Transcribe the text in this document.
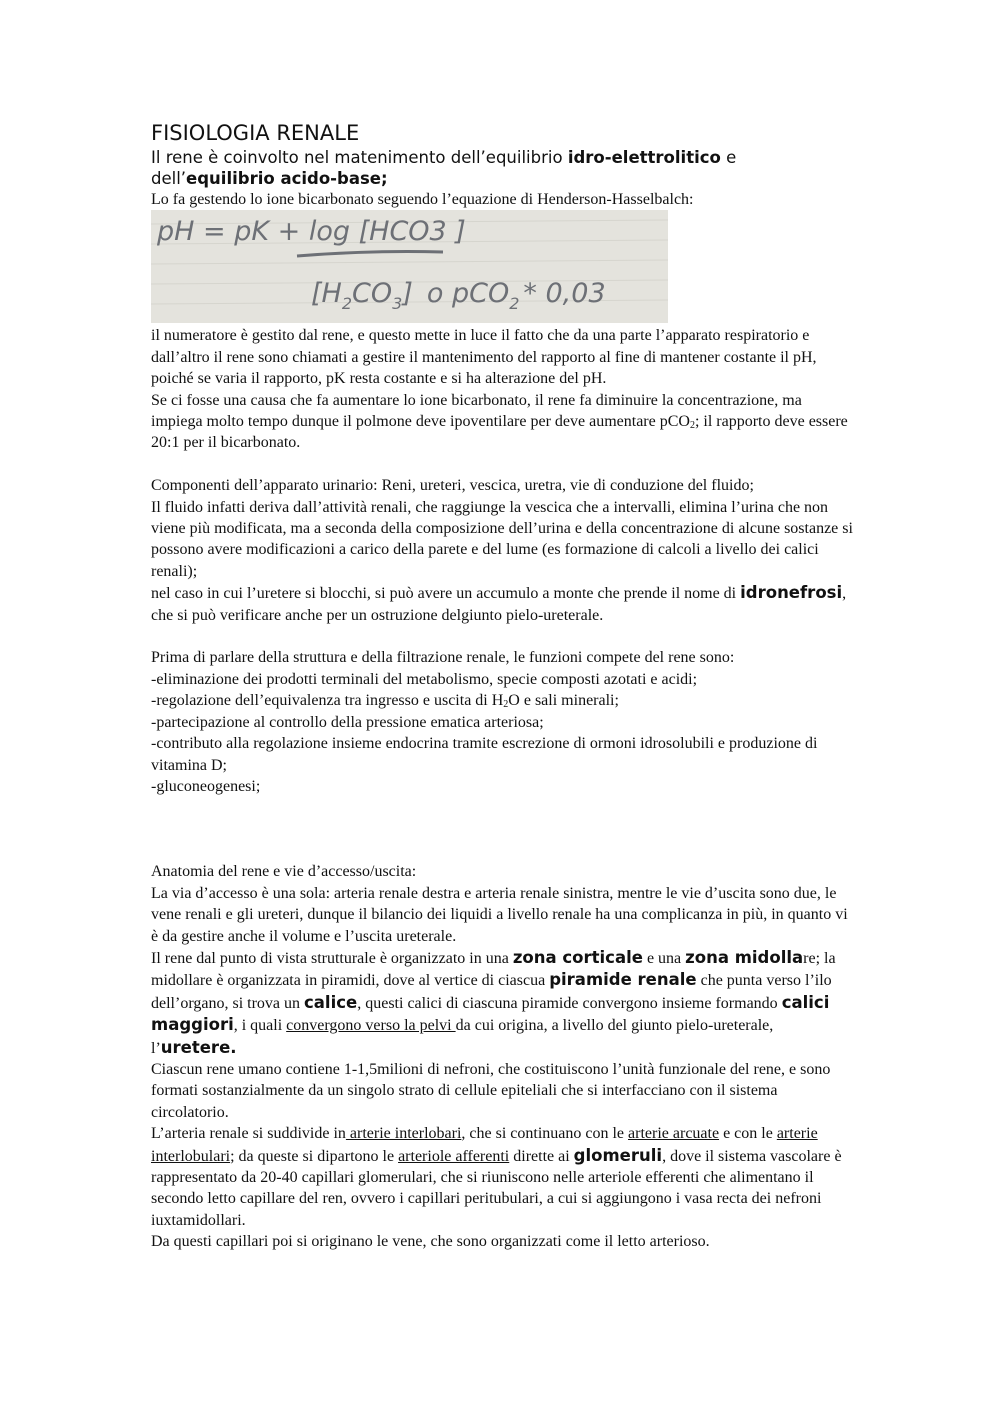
FISIOLOGIA RENALE

Il rene è coinvolto nel matenimento dell’equilibrio idro-elettrolitico e dell’equilibrio acido-base;

Lo fa gestendo lo ione bicarbonato seguendo l’equazione di Henderson-Hasselbalch:

pH = pK + log [HCO3 ]
$[H_2CO_3]$ o pCO$_2$ * 0,03

il numeratore è gestito dal rene, e questo mette in luce il fatto che da una parte l’apparato respiratorio e dall’altro il rene sono chiamati a gestire il mantenimento del rapporto al fine di mantener costante il pH, poiché se varia il rapporto, pK resta costante e si ha alterazione del pH.

Se ci fosse una causa che fa aumentare lo ione bicarbonato, il rene fa diminuire la concentrazione, ma impiega molto tempo dunque il polmone deve ipoventilare per deve aumentare pCO$_2$; il rapporto deve essere 20:1 per il bicarbonato.

Componenti dell’apparato urinario: Reni, ureteri, vescica, uretra, vie di conduzione del fluido;

Il fluido infatti deriva dall’attività renali, che raggiunge la vescica che a intervalli, elimina l’urina che non viene più modificata, ma a seconda della composizione dell’urina e della concentrazione di alcune sostanze si possono avere modificazioni a carico della parete e del lume (es formazione di calcoli a livello dei calici renali);

nel caso in cui l’uretere si blocchi, si può avere un accumulo a monte che prende il nome di idronefrosi, che si può verificare anche per un ostruzione delgiunto pielo-ureterale.

Prima di parlare della struttura e della filtrazione renale, le funzioni compete del rene sono:

-eliminazione dei prodotti terminali del metabolismo, specie composti azotati e acidi;

-regolazione dell’equivalenza tra ingresso e uscita di $H_2O$ e sali minerali;

-partecipazione al controllo della pressione ematica arteriosa;

-contributo alla regolazione insieme endocrina tramite escrezione di ormoni idrosolubili e produzione di vitamina D;

-gluconeogenesi;

Anatomia del rene e vie d’accesso/uscita:

La via d’accesso è una sola: arteria renale destra e arteria renale sinistra, mentre le vie d’uscita sono due, le vene renali e gli ureteri, dunque il bilancio dei liquidi a livello renale ha una complicanza in più, in quanto vi è da gestire anche il volume e l’uscita ureterale.

Il rene dal punto di vista strutturale è organizzato in una zona corticale e una zona midollare; la midollare è organizzata in piramidi, dove al vertice di ciascua piramide renale che punta verso l’ilo dell’organo, si trova un calice, questi calici di ciascuna piramide convergono insieme formando calici maggiori, i quali convergono verso la pelvi da cui origina, a livello del giunto pielo-ureterale, l’uretere.

Ciascun rene umano contiene 1-1,5milioni di nefroni, che costituiscono l’unità funzionale del rene, e sono formati sostanzialmente da un singolo strato di cellule epiteliali che si interfacciano con il sistema circolatorio.

L’arteria renale si suddivide in arterie interlobari, che si continuano con le arterie arcuate e con le arterie interlobulari; da queste si dipartono le arteriole afferenti dirette ai glomeruli, dove il sistema vascolare è rappresentato da 20-40 capillari glomerulari, che si riuniscono nelle arteriole efferenti che alimentano il secondo letto capillare del ren, ovvero i capillari peritubulari, a cui si aggiungono i vasa recta dei nefroni iuxtamidollari.

Da questi capillari poi si originano le vene, che sono organizzati come il letto arterioso.
